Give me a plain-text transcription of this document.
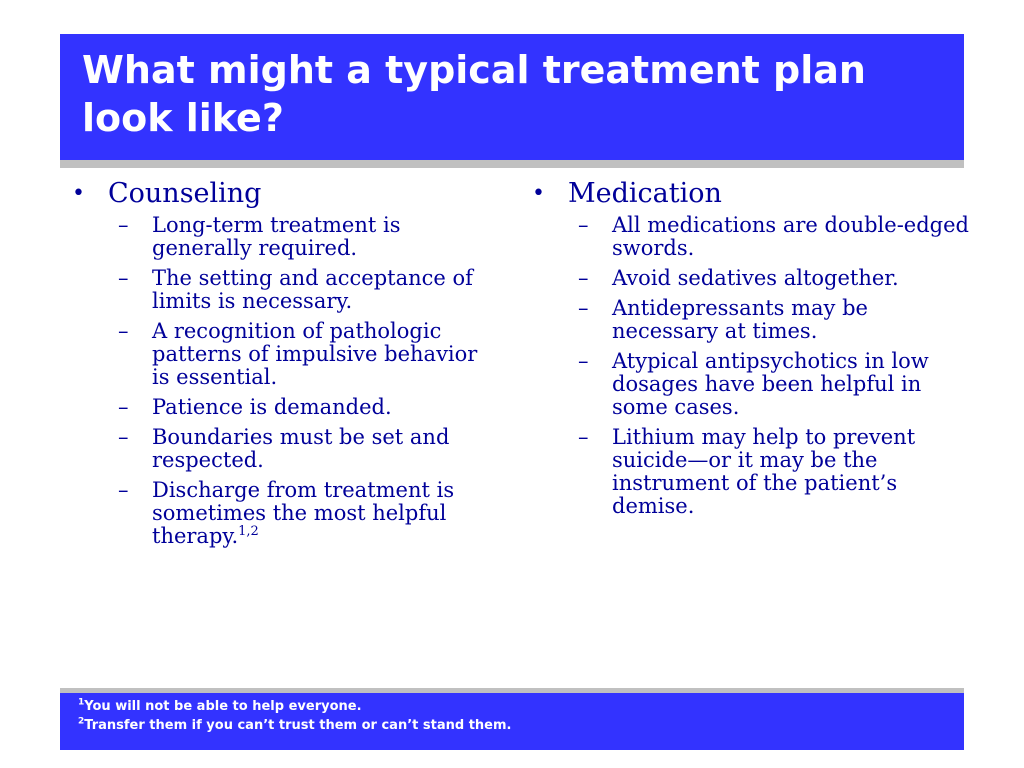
What might a typical treatment plan look like?
• Counseling
–	Long-term treatment is generally required.
–	The setting and acceptance of limits is necessary.
–	A recognition of pathologic patterns of impulsive behavior is essential.
–	Patience is demanded.
–	Boundaries must be set and respected.
–	Discharge from treatment is sometimes the most helpful therapy.$^{1,2}$
• Medication
–	All medications are double-edged swords.
–	Avoid sedatives altogether.
–	Antidepressants may be necessary at times.
–	Atypical antipsychotics in low dosages have been helpful in some cases.
–	Lithium may help to prevent suicide—or it may be the instrument of the patient’s demise.
$^1$You will not be able to help everyone.
$^2$Transfer them if you can’t trust them or can’t stand them.
